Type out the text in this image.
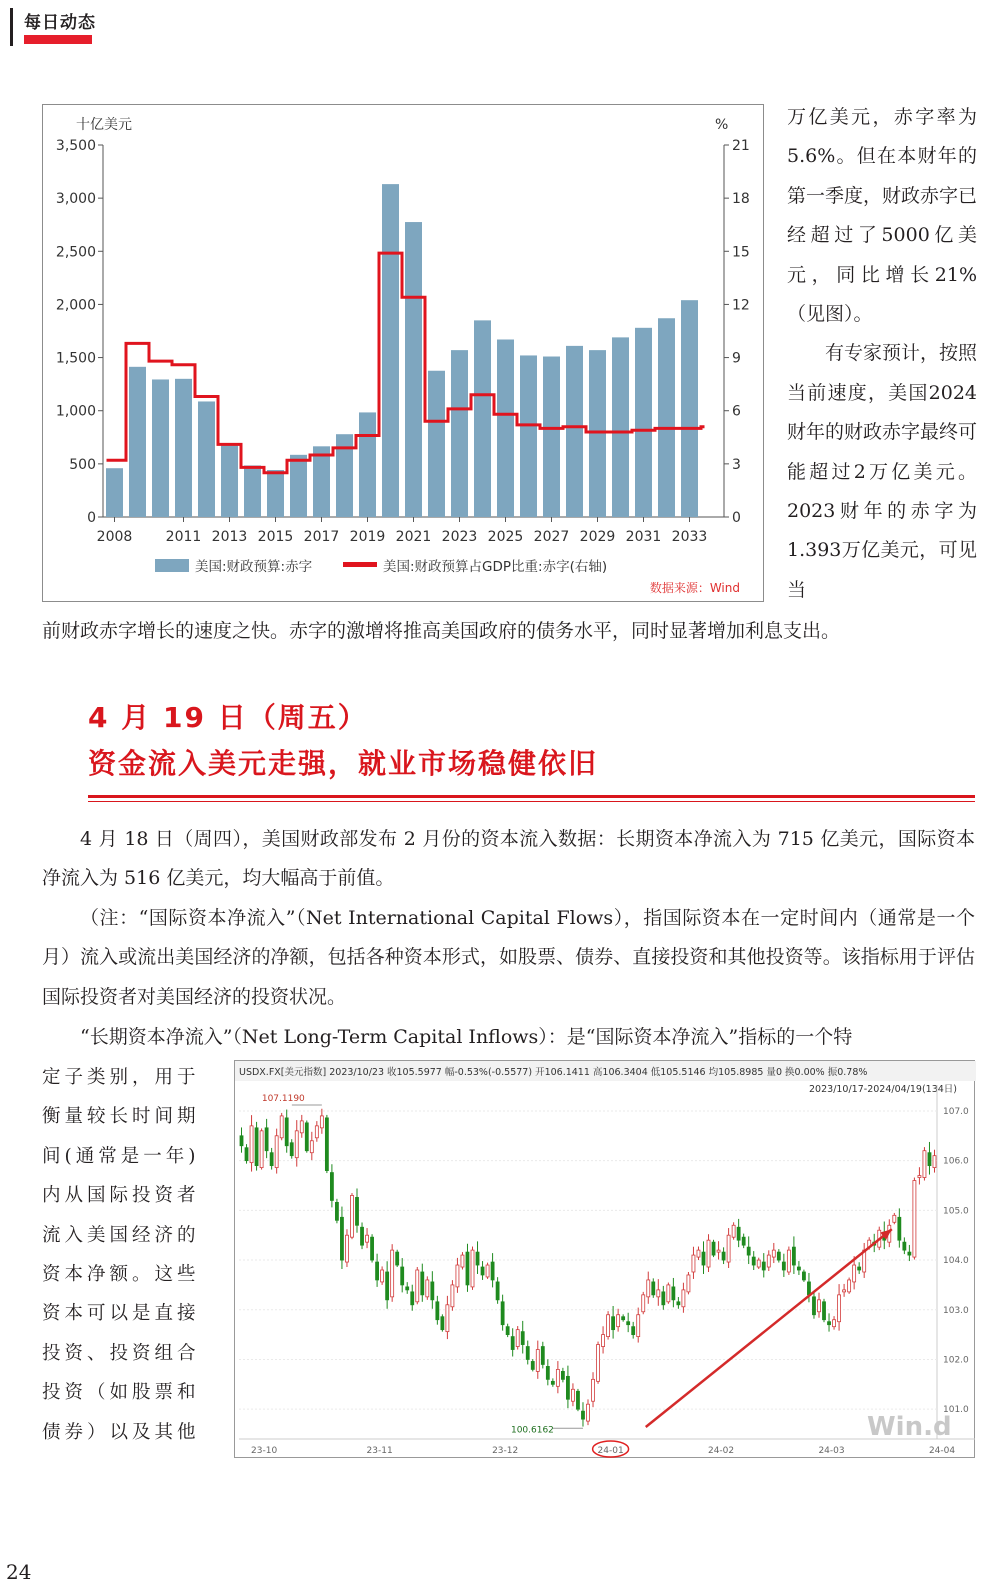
每日动态
0
500
1,000
1,500
2,000
2,500
3,000
3,500
0
3
6
9
12
15
18
21
十亿美元	%
2008 2011 2013 2015 2017 2019 2021 2023 2025 2027 2029 2031 2033
美国:财政预算:赤字	美国:财政预算占GDP比重:赤字(右轴)
数据来源：Wind

万亿美元，赤字率为5.6%。但在本财年的第一季度，财政赤字已经超过了5000亿美元，同比增长21%（见图）。

有专家预计，按照当前速度，美国2024财年的财政赤字最终可能超过2万亿美元。2023财年的赤字为1.393万亿美元，可见当

前财政赤字增长的速度之快。赤字的激增将推高美国政府的债务水平，同时显著增加利息支出。
4 月 19 日（周五）
资金流入美元走强，就业市场稳健依旧

4 月 18 日（周四），美国财政部发布 2 月份的资本流入数据：长期资本净流入为 715 亿美元，国际资本净流入为 516 亿美元，均大幅高于前值。

（注：“国际资本净流入”（Net International Capital Flows），指国际资本在一定时间内（通常是一个月）流入或流出美国经济的净额，包括各种资本形式，如股票、债券、直接投资和其他投资等。该指标用于评估国际投资者对美国经济的投资状况。

“长期资本净流入”（Net Long-Term Capital Inflows）：是“国际资本净流入”指标的一个特

定子类别，用于衡量较长时间期间(通常是一年)内从国际投资者流入美国经济的资本净额。这些资本可以是直接投资、投资组合投资（如股票和债券）以及其他
USDX.FX[美元指数] 2023/10/23 收105.5977 幅-0.53%(-0.5577) 开106.1411 高106.3404 低105.5146 均105.8985 量0 换0.00% 振0.78%
2023/10/17-2024/04/19(134日)
101.0
102.0
103.0
104.0
105.0
106.0
107.0
107.1190
100.6162
23-10	23-11	23-12	24-01	24-02	24-03	24-04
Win.d
24
